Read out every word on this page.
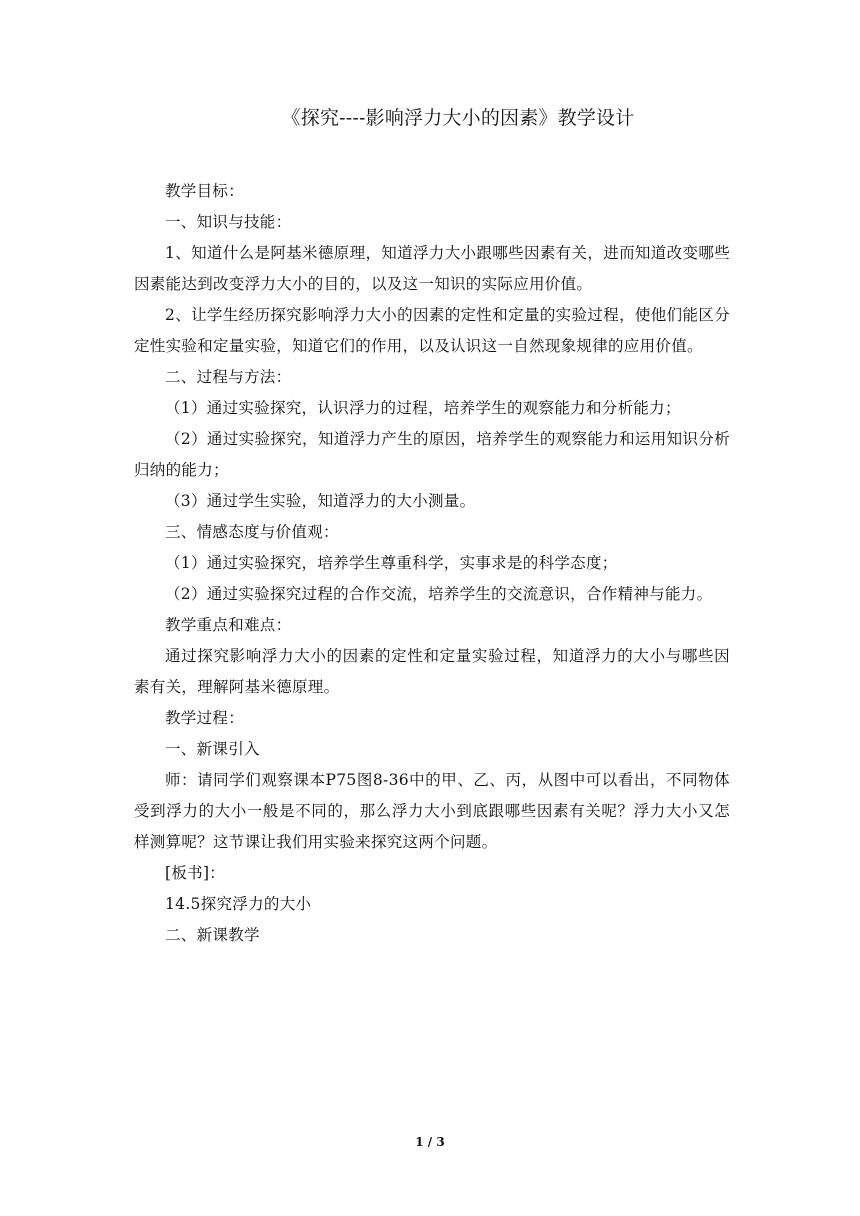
《探究----影响浮力大小的因素》教学设计

教学目标：

一、知识与技能：

1、知道什么是阿基米德原理，知道浮力大小跟哪些因素有关，进而知道改变哪些因素能达到改变浮力大小的目的，以及这一知识的实际应用价值。

2、让学生经历探究影响浮力大小的因素的定性和定量的实验过程，使他们能区分定性实验和定量实验，知道它们的作用，以及认识这一自然现象规律的应用价值。

二、过程与方法：

（1）通过实验探究，认识浮力的过程，培养学生的观察能力和分析能力；

（2）通过实验探究，知道浮力产生的原因，培养学生的观察能力和运用知识分析归纳的能力；

（3）通过学生实验，知道浮力的大小测量。

三、情感态度与价值观：

（1）通过实验探究，培养学生尊重科学，实事求是的科学态度；

（2）通过实验探究过程的合作交流，培养学生的交流意识，合作精神与能力。

教学重点和难点：

通过探究影响浮力大小的因素的定性和定量实验过程，知道浮力的大小与哪些因素有关，理解阿基米德原理。

教学过程：

一、新课引入

师：请同学们观察课本P75图8-36中的甲、乙、丙，从图中可以看出，不同物体受到浮力的大小一般是不同的，那么浮力大小到底跟哪些因素有关呢？浮力大小又怎样测算呢？这节课让我们用实验来探究这两个问题。

[板书]：

14.5探究浮力的大小

二、新课教学

1 / 3
